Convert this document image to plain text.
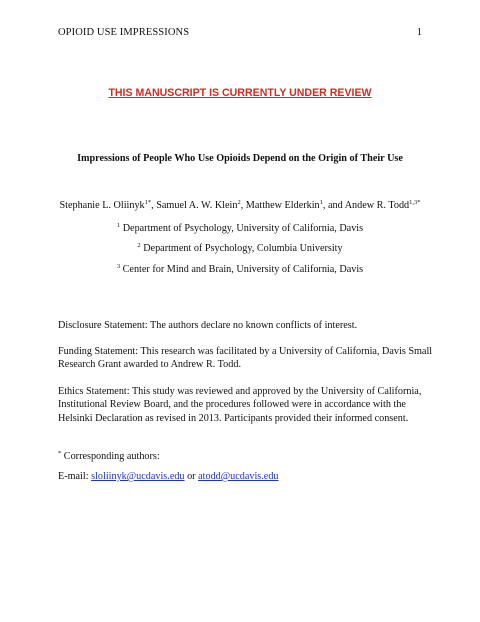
OPIOID USE IMPRESSIONS	1
THIS MANUSCRIPT IS CURRENTLY UNDER REVIEW
Impressions of People Who Use Opioids Depend on the Origin of Their Use
Stephanie L. Oliinyk$^{1*}$, Samuel A. W. Klein$^2$, Matthew Elderkin$^1$, and Andew R. Todd$^{1,3*}$
$^1$ Department of Psychology, University of California, Davis
$^2$ Department of Psychology, Columbia University
$^3$ Center for Mind and Brain, University of California, Davis
Disclosure Statement: The authors declare no known conflicts of interest.
Funding Statement: This research was facilitated by a University of California, Davis Small Research Grant awarded to Andrew R. Todd.
Ethics Statement: This study was reviewed and approved by the University of California, Institutional Review Board, and the procedures followed were in accordance with the Helsinki Declaration as revised in 2013. Participants provided their informed consent.
* Corresponding authors:
E-mail: sloliinyk@ucdavis.edu or atodd@ucdavis.edu
